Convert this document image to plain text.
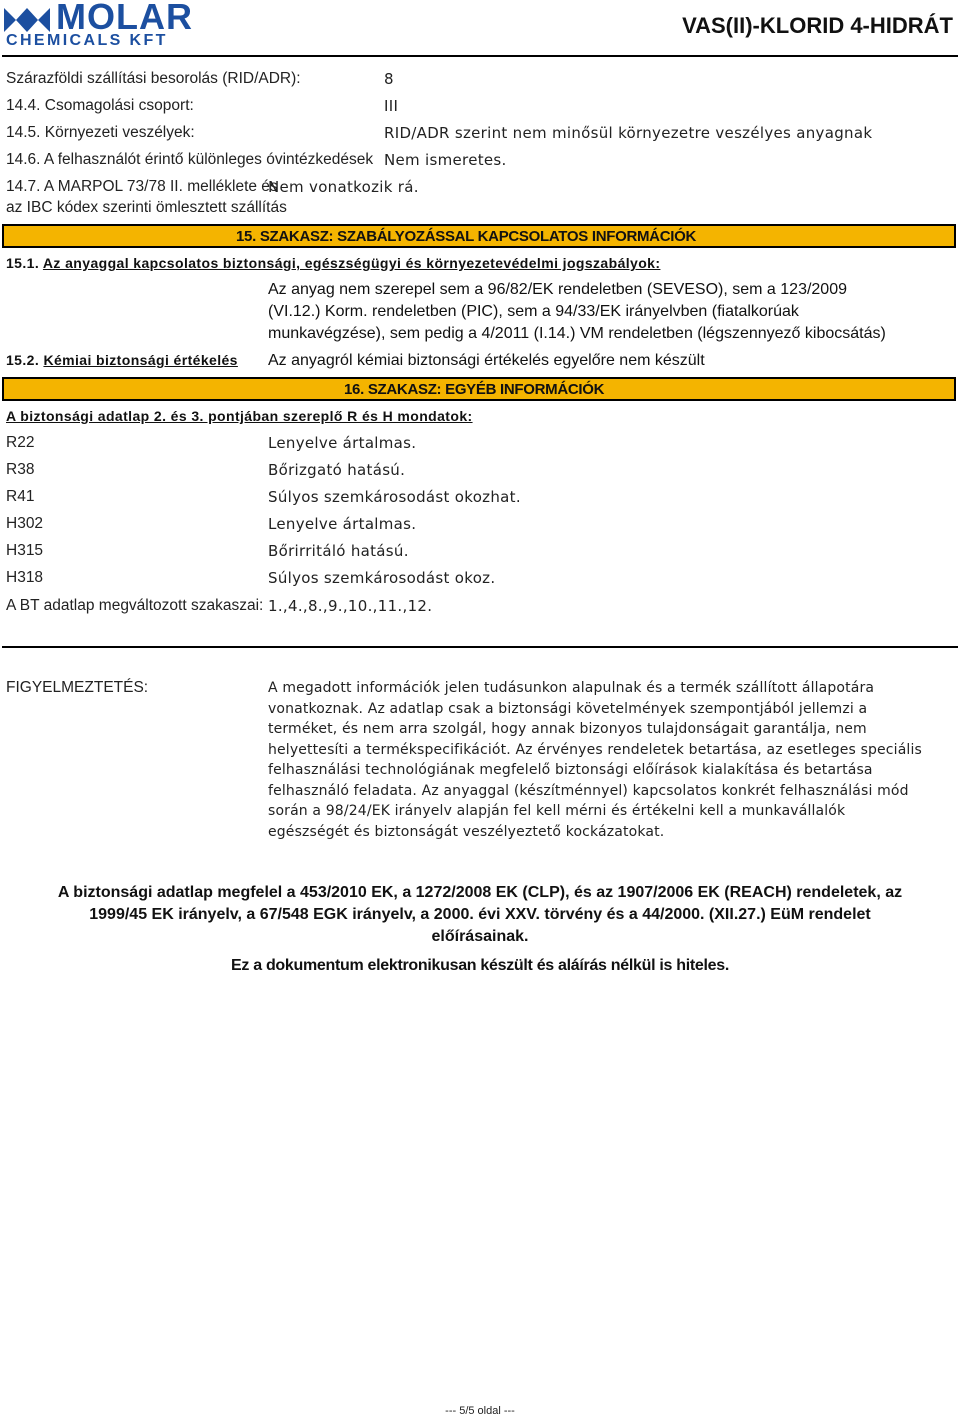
MOLAR
CHEMICALS KFT
VAS(II)-KLORID 4-HIDRÁT
Szárazföldi szállítási besorolás (RID/ADR):	8
14.4. Csomagolási csoport:	III
14.5. Környezeti veszélyek:	RID/ADR szerint nem minősül környezetre veszélyes anyagnak
14.6. A felhasználót érintő különleges óvintézkedések Nem ismeretes.
14.7. A MARPOL 73/78 II. melléklete és
az IBC kódex szerinti ömlesztett szállítás
Nem vonatkozik rá.
15. SZAKASZ: SZABÁLYOZÁSSAL KAPCSOLATOS INFORMÁCIÓK
15.1. Az anyaggal kapcsolatos biztonsági, egészségügyi és környezetevédelmi jogszabályok:
Az anyag nem szerepel sem a 96/82/EK rendeletben (SEVESO), sem a 123/2009
(VI.12.) Korm. rendeletben (PIC), sem a 94/33/EK irányelvben (fiatalkorúak
munkavégzése), sem pedig a 4/2011 (I.14.) VM rendeletben (légszennyező kibocsátás)
15.2. Kémiai biztonsági értékelés Az anyagról kémiai biztonsági értékelés egyelőre nem készült
16. SZAKASZ: EGYÉB INFORMÁCIÓK
A biztonsági adatlap 2. és 3. pontjában szereplő R és H mondatok:
R22	Lenyelve ártalmas.
R38	Bőrizgató hatású.
R41	Súlyos szemkárosodást okozhat.
H302	Lenyelve ártalmas.
H315	Bőrirritáló hatású.
H318	Súlyos szemkárosodást okoz.
A BT adatlap megváltozott szakaszai: 1.,4.,8.,9.,10.,11.,12.
FIGYELMEZTETÉS:	A megadott információk jelen tudásunkon alapulnak és a termék szállított állapotára
vonatkoznak. Az adatlap csak a biztonsági követelmények szempontjából jellemzi a
terméket, és nem arra szolgál, hogy annak bizonyos tulajdonságait garantálja, nem
helyettesíti a termékspecifikációt. Az érvényes rendeletek betartása, az esetleges speciális
felhasználási technológiának megfelelő biztonsági előírások kialakítása és betartása
felhasználó feladata. Az anyaggal (készítménnyel) kapcsolatos konkrét felhasználási mód
során a 98/24/EK irányelv alapján fel kell mérni és értékelni kell a munkavállalók
egészségét és biztonságát veszélyeztető kockázatokat.
A biztonsági adatlap megfelel a 453/2010 EK, a 1272/2008 EK (CLP), és az 1907/2006 EK (REACH) rendeletek, az
1999/45 EK irányelv, a 67/548 EGK irányelv, a 2000. évi XXV. törvény és a 44/2000. (XII.27.) EüM rendelet
előírásainak.
Ez a dokumentum elektronikusan készült és aláírás nélkül is hiteles.
--- 5/5 oldal ---
